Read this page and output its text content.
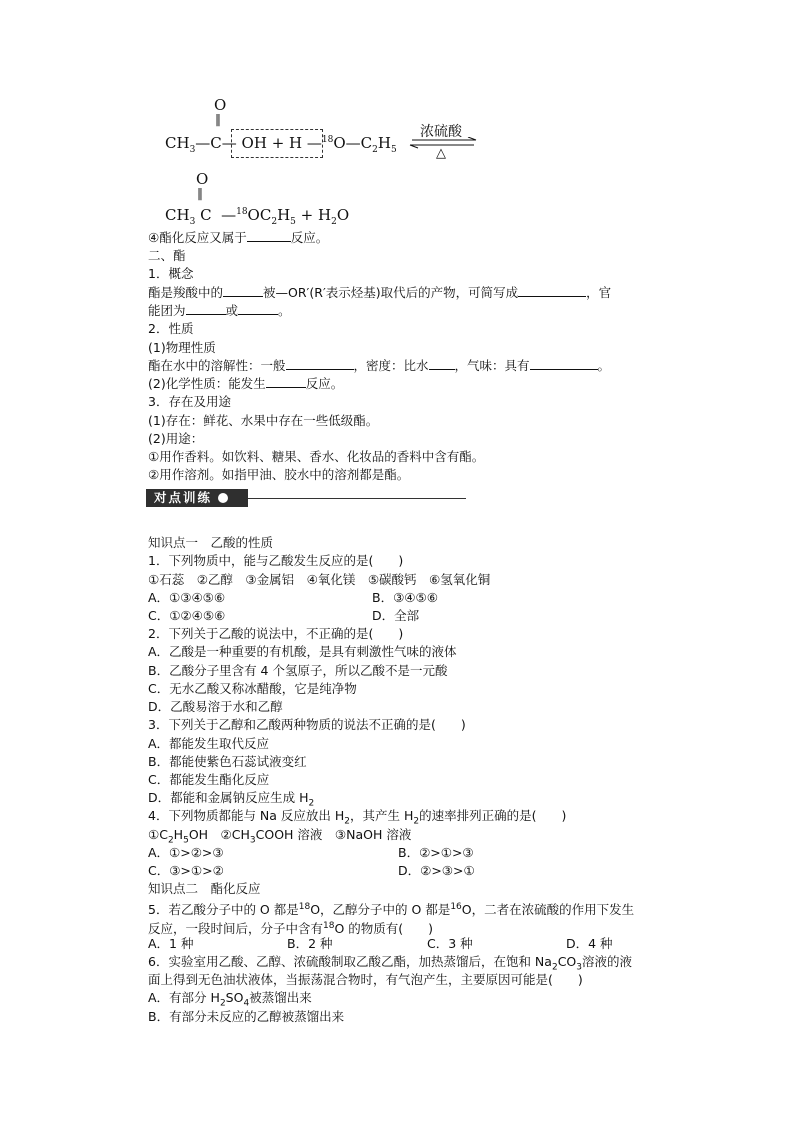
O
‖
$CH_3—C—$ OH + H $—^{18}O—C_2H_5$
浓硫酸
△
O
‖
$CH_3$ C $—^{18}OC_2H_5 + H_2O$
④酯化反应又属于	反应。
二、酯
1．概念
酯是羧酸中的	被—OR′(R′表示烃基)取代后的产物，可简写成	，官
能团为	或	。
2．性质
(1)物理性质
酯在水中的溶解性：一般	，密度：比水 ，气味：具有	。
(2)化学性质：能发生	反应。
3．存在及用途
(1)存在：鲜花、水果中存在一些低级酯。
(2)用途：
①用作香料。如饮料、糖果、香水、化妆品的香料中含有酯。
②用作溶剂。如指甲油、胶水中的溶剂都是酯。
对点训练
知识点一　乙酸的性质
1．下列物质中，能与乙酸发生反应的是(　　)
①石蕊　②乙醇　③金属铝　④氧化镁　⑤碳酸钙　⑥氢氧化铜
A．①③④⑤⑥	B．③④⑤⑥
C．①②④⑤⑥	D．全部
2．下列关于乙酸的说法中，不正确的是(　　)
A．乙酸是一种重要的有机酸，是具有刺激性气味的液体
B．乙酸分子里含有 4 个氢原子，所以乙酸不是一元酸
C．无水乙酸又称冰醋酸，它是纯净物
D．乙酸易溶于水和乙醇
3．下列关于乙醇和乙酸两种物质的说法不正确的是(　　)
A．都能发生取代反应
B．都能使紫色石蕊试液变红
C．都能发生酯化反应
D．都能和金属钠反应生成 $H_2$
4．下列物质都能与 Na 反应放出 $H_2$，其产生 $H_2$的速率排列正确的是(　　)
$①C_2H_5OH$　$②CH_3COOH$ 溶液　③NaOH 溶液
A．①>②>③	B．②>①>③
C．③>①>②	D．②>③>①
知识点二　酯化反应
5．若乙酸分子中的 O 都是$^{18}$O，乙醇分子中的 O 都是$^{16}$O，二者在浓硫酸的作用下发生
反应，一段时间后，分子中含有$^{18}$O 的物质有(　　)
A．1 种	B．2 种	C．3 种	D．4 种
6．实验室用乙酸、乙醇、浓硫酸制取乙酸乙酯，加热蒸馏后，在饱和 $Na_2CO_3$溶液的液
面上得到无色油状液体，当振荡混合物时，有气泡产生，主要原因可能是(　　)
A．有部分 $H_2SO_4$被蒸馏出来
B．有部分未反应的乙醇被蒸馏出来
